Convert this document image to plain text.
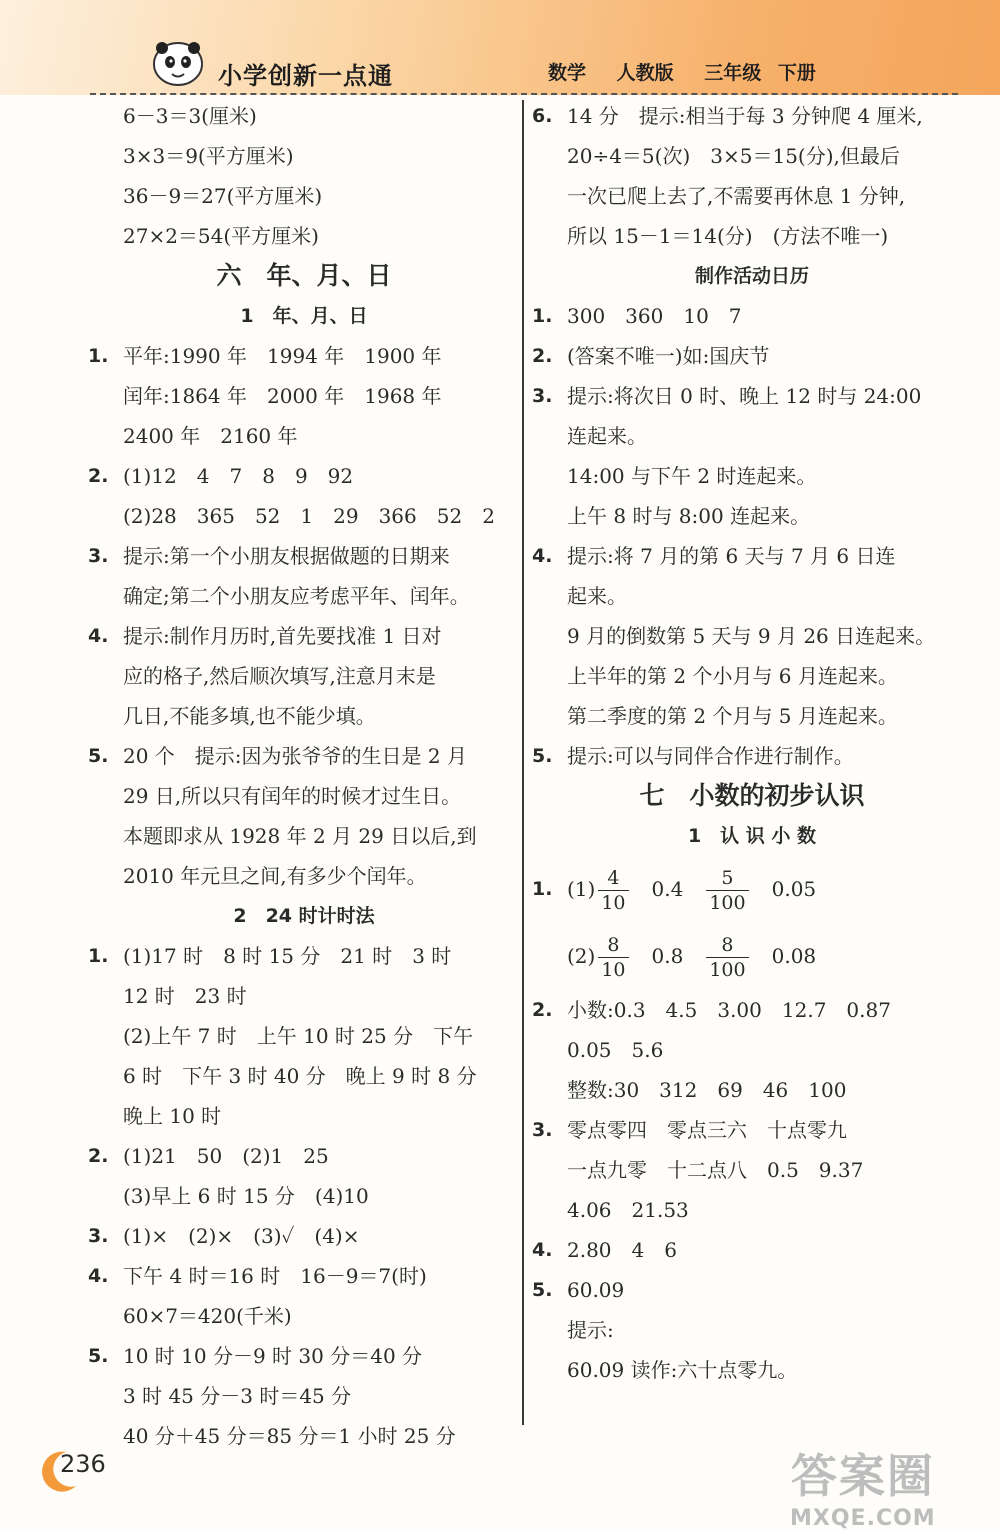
小学创新一点通	数学 人教版 三年级 下册
6－3＝3(厘米)
3×3＝9(平方厘米)
36－9＝27(平方厘米)
27×2＝54(平方厘米)
六　年、月、日
1　年、月、日
1. 平年:1990 年　1994 年　1900 年
闰年:1864 年　2000 年　1968 年
2400 年　2160 年
2. (1)12　4　7　8　9　92
(2)28　365　52　1　29　366　52　2
3. 提示:第一个小朋友根据做题的日期来
确定;第二个小朋友应考虑平年、闰年。
4. 提示:制作月历时,首先要找准 1 日对
应的格子,然后顺次填写,注意月末是
几日,不能多填,也不能少填。
5. 20 个　提示:因为张爷爷的生日是 2 月
29 日,所以只有闰年的时候才过生日。
本题即求从 1928 年 2 月 29 日以后,到
2010 年元旦之间,有多少个闰年。
2　24 时计时法
1. (1)17 时　8 时 15 分　21 时　3 时
12 时　23 时
(2)上午 7 时　上午 10 时 25 分　下午
6 时　下午 3 时 40 分　晚上 9 时 8 分
晚上 10 时
2. (1)21　50　(2)1　25
(3)早上 6 时 15 分　(4)10
3. (1)×　(2)×　(3)✓　(4)×
4. 下午 4 时＝16 时　16－9＝7(时)
60×7＝420(千米)
5. 10 时 10 分－9 时 30 分＝40 分
3 时 45 分－3 时＝45 分
40 分＋45 分＝85 分＝1 小时 25 分
6. 14 分　提示:相当于每 3 分钟爬 4 厘米,
20÷4＝5(次)　3×5＝15(分),但最后
一次已爬上去了,不需要再休息 1 分钟,
所以 15－1＝14(分)　(方法不唯一)
制作活动日历
1. 300　360　10　7
2. (答案不唯一)如:国庆节
3. 提示:将次日 0 时、晚上 12 时与 24:00
连起来。
14:00 与下午 2 时连起来。
上午 8 时与 8:00 连起来。
4. 提示:将 7 月的第 6 天与 7 月 6 日连
起来。
9 月的倒数第 5 天与 9 月 26 日连起来。
上半年的第 2 个小月与 6 月连起来。
第二季度的第 2 个月与 5 月连起来。
5. 提示:可以与同伴合作进行制作。
七　小数的初步认识
1　认 识 小 数
1. $(1) \frac{4}{10}$
　 0.4　 $\frac{5}{100}$
　 0.05　
$(2) \frac{8}{10}$
　 0.8　 $\frac{8}{100}$
　 0.08　
2. 小数:0.3　4.5　3.00　12.7　0.87
0.05　5.6
整数:30　312　69　46　100
3. 零点零四　零点三六　十点零九
一点九零　十二点八　0.5　9.37
4.06　21.53
4. 2.80　4　6
5. 60.09
提示:
60.09 读作:六十点零九。
236	答案圈
MXQE.COM
